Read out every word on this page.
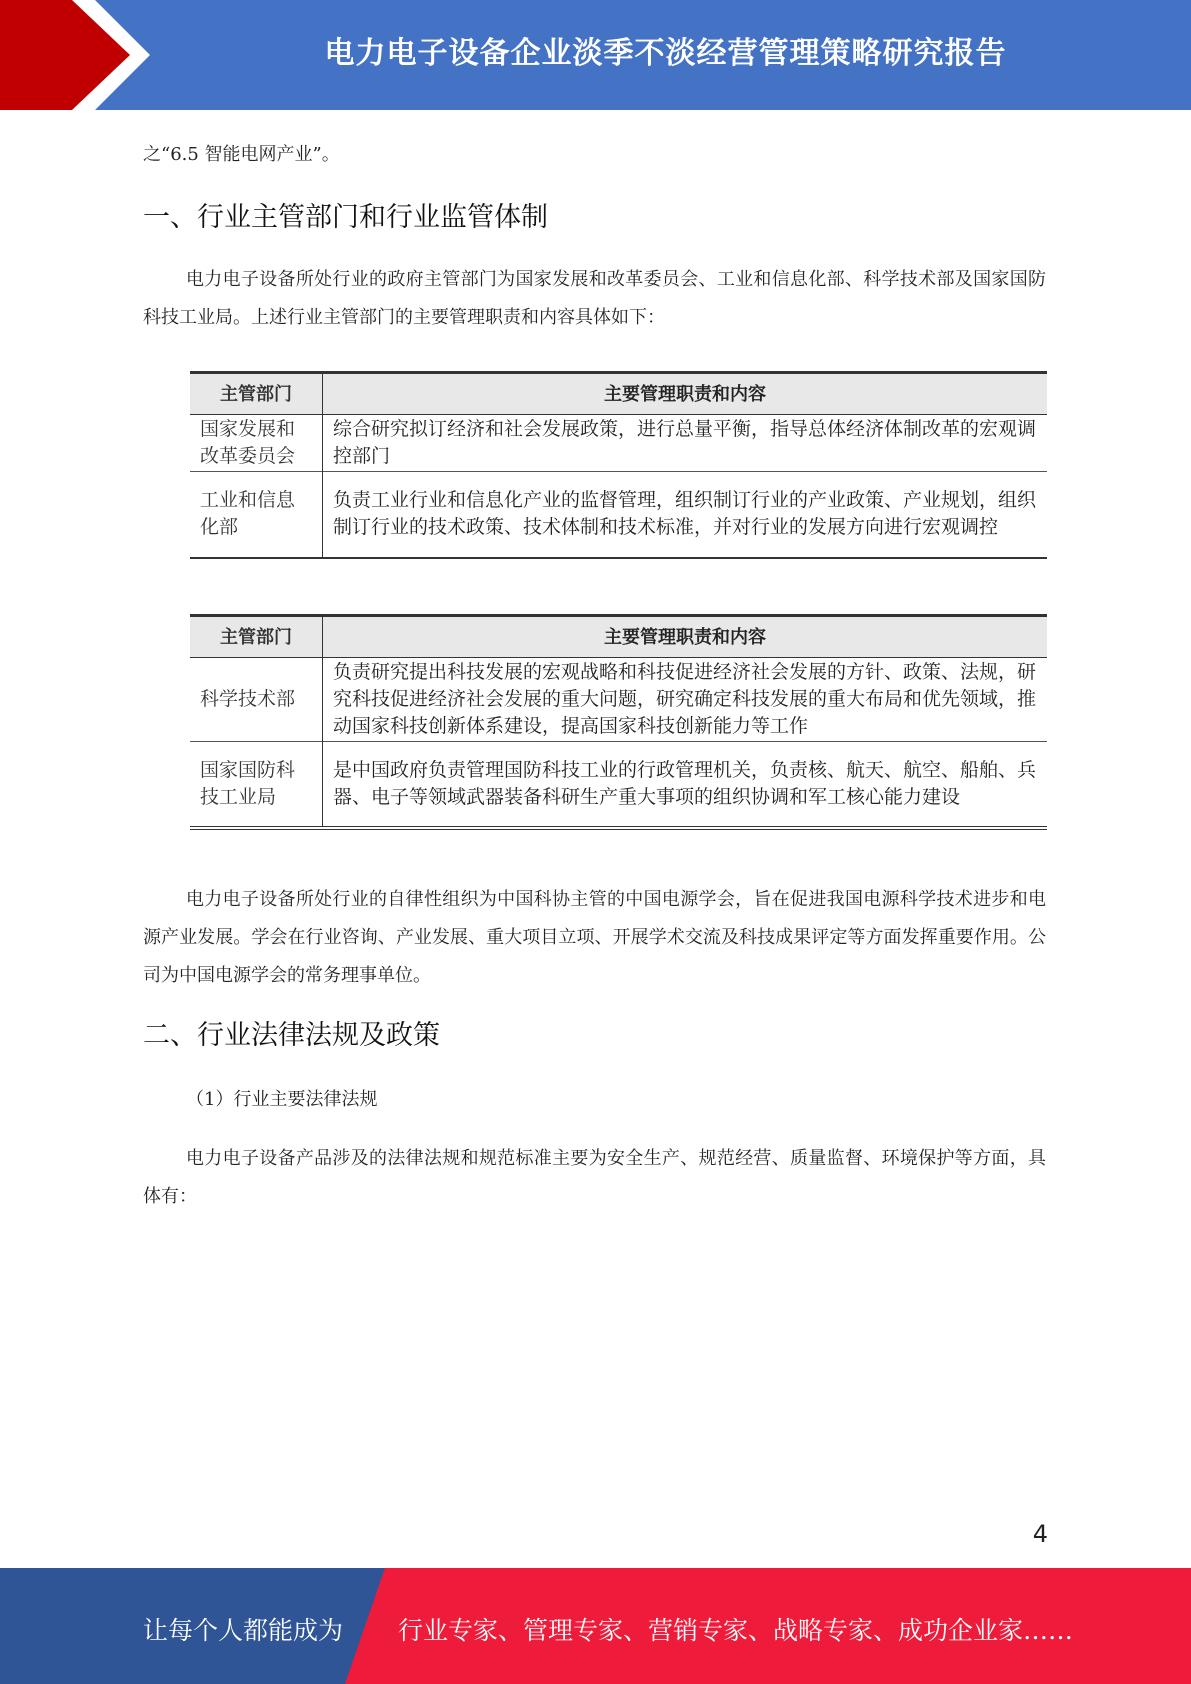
电力电子设备企业淡季不淡经营管理策略研究报告
之“6.5 智能电网产业”。
一、行业主管部门和行业监管体制
电力电子设备所处行业的政府主管部门为国家发展和改革委员会、工业和信息化部、科学技术部及国家国防科技工业局。上述行业主管部门的主要管理职责和内容具体如下：
电力电子设备所处行业的自律性组织为中国科协主管的中国电源学会，旨在促进我国电源科学技术进步和电源产业发展。学会在行业咨询、产业发展、重大项目立项、开展学术交流及科技成果评定等方面发挥重要作用。公司为中国电源学会的常务理事单位。
二、行业法律法规及政策
（1）行业主要法律法规
电力电子设备产品涉及的法律法规和规范标准主要为安全生产、规范经营、质量监督、环境保护等方面，具体有：
主管部门	主要管理职责和内容
国家发展和改革委员会	综合研究拟订经济和社会发展政策，进行总量平衡，指导总体经济体制改革的宏观调控部门
工业和信息化部	负责工业行业和信息化产业的监督管理，组织制订行业的产业政策、产业规划，组织制订行业的技术政策、技术体制和技术标准，并对行业的发展方向进行宏观调控
主管部门	主要管理职责和内容
科学技术部	负责研究提出科技发展的宏观战略和科技促进经济社会发展的方针、政策、法规，研究科技促进经济社会发展的重大问题，研究确定科技发展的重大布局和优先领域，推动国家科技创新体系建设，提高国家科技创新能力等工作
国家国防科技工业局	是中国政府负责管理国防科技工业的行政管理机关，负责核、航天、航空、船舶、兵器、电子等领域武器装备科研生产重大事项的组织协调和军工核心能力建设
4
让每个人都能成为 行业专家、管理专家、营销专家、战略专家、成功企业家……
